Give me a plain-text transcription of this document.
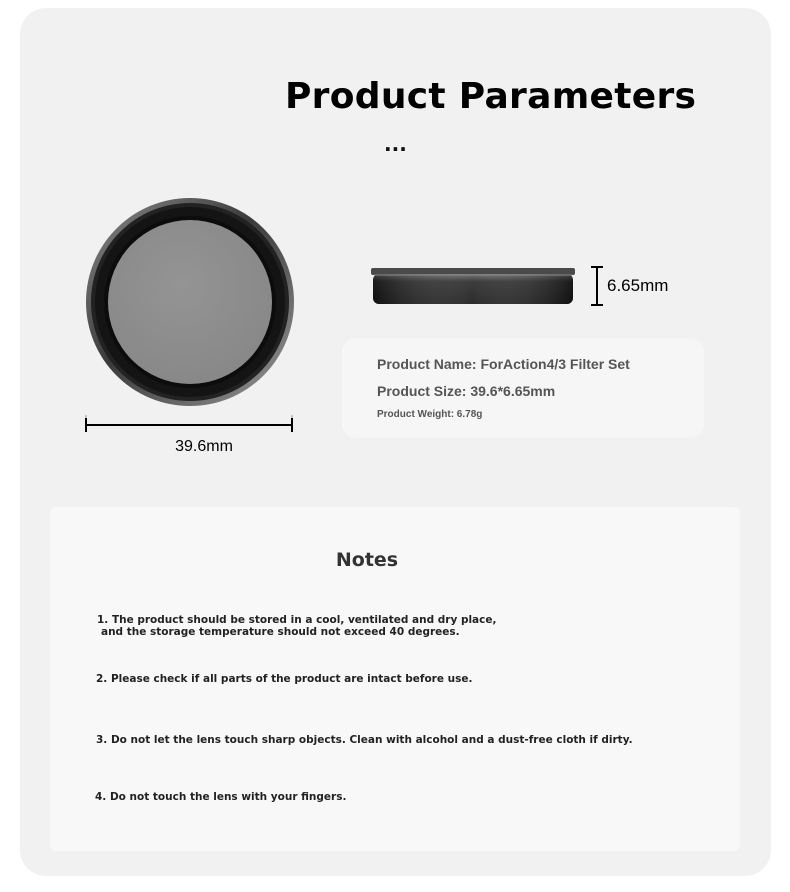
Product Parameters
...
39.6mm
6.65mm
Product Name: ForAction4/3 Filter Set
Product Size: 39.6*6.65mm
Product Weight: 6.78g
Notes
1. The product should be stored in a cool, ventilated and dry place,
and the storage temperature should not exceed 40 degrees.
2. Please check if all parts of the product are intact before use.
3. Do not let the lens touch sharp objects. Clean with alcohol and a dust-free cloth if dirty.
4. Do not touch the lens with your fingers.
